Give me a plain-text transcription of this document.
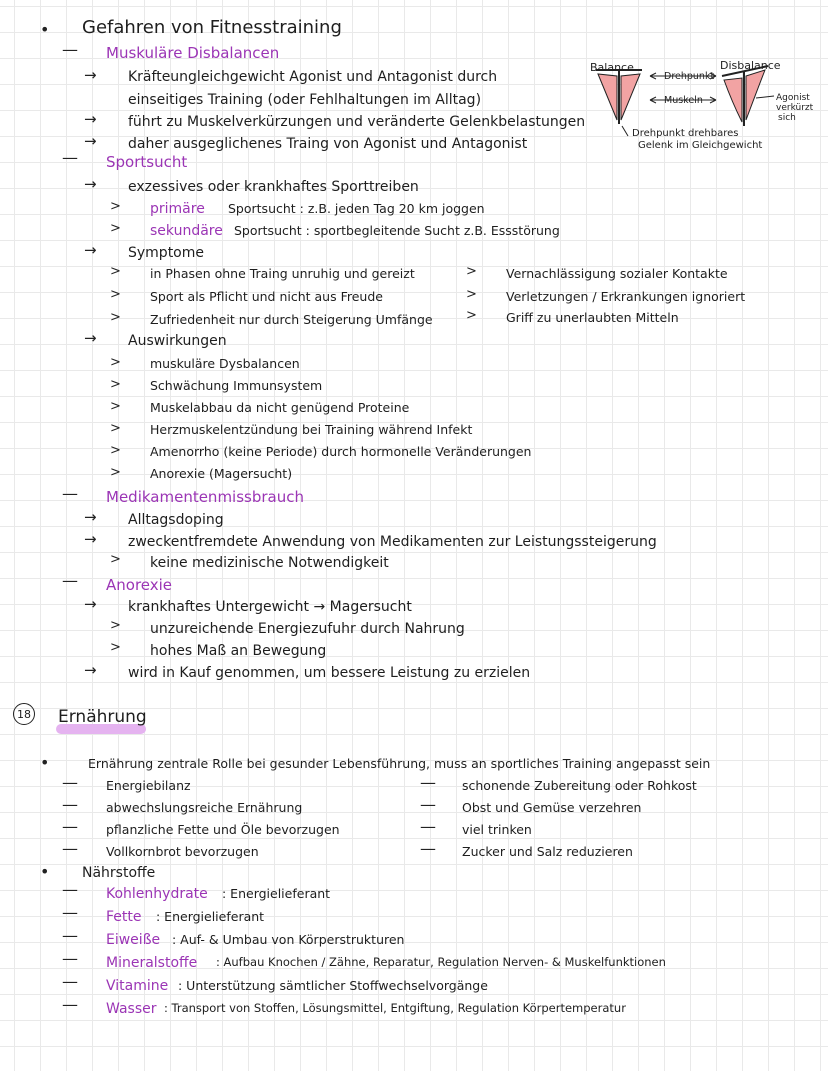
• Gefahren von Fitnesstraining
— Muskuläre Disbalancen
→ Kräfteungleichgewicht Agonist und Antagonist durch
einseitiges Training (oder Fehlhaltungen im Alltag)
→ führt zu Muskelverkürzungen und veränderte Gelenkbelastungen
→ daher ausgeglichenes Traing von Agonist und Antagonist
Balance	Disbalance
Drehpunkt
Muskeln	Agonist
verkürzt
sich
Drehpunkt drehbares
Gelenk im Gleichgewicht
— Sportsucht
→ exzessives oder krankhaftes Sporttreiben
> primäre Sportsucht : z.B. jeden Tag 20 km joggen
> sekundäre Sportsucht : sportbegleitende Sucht z.B. Essstörung
→ Symptome
> in Phasen ohne Traing unruhig und gereizt
> Sport als Pflicht und nicht aus Freude
> Zufriedenheit nur durch Steigerung Umfänge
> Vernachlässigung sozialer Kontakte
> Verletzungen / Erkrankungen ignoriert
> Griff zu unerlaubten Mitteln
→ Auswirkungen
> muskuläre Dysbalancen
> Schwächung Immunsystem
> Muskelabbau da nicht genügend Proteine
> Herzmuskelentzündung bei Training während Infekt
> Amenorrho (keine Periode) durch hormonelle Veränderungen
> Anorexie (Magersucht)
— Medikamentenmissbrauch
→ Alltagsdoping
→ zweckentfremdete Anwendung von Medikamenten zur Leistungssteigerung
> keine medizinische Notwendigkeit
— Anorexie
→ krankhaftes Untergewicht → Magersucht
> unzureichende Energiezufuhr durch Nahrung
> hohes Maß an Bewegung
→ wird in Kauf genommen, um bessere Leistung zu erzielen
18 Ernährung
•	Ernährung zentrale Rolle bei gesunder Lebensführung, muss an sportliches Training angepasst sein
— Energiebilanz
— abwechslungsreiche Ernährung
— pflanzliche Fette und Öle bevorzugen
— Vollkornbrot bevorzugen
— schonende Zubereitung oder Rohkost
— Obst und Gemüse verzehren
— viel trinken
— Zucker und Salz reduzieren
• Nährstoffe
— Kohlenhydrate : Energielieferant
— Fette : Energielieferant
— Eiweiße : Auf- & Umbau von Körperstrukturen
— Mineralstoffe : Aufbau Knochen / Zähne, Reparatur, Regulation Nerven- & Muskelfunktionen
— Vitamine : Unterstützung sämtlicher Stoffwechselvorgänge
— Wasser : Transport von Stoffen, Lösungsmittel, Entgiftung, Regulation Körpertemperatur
